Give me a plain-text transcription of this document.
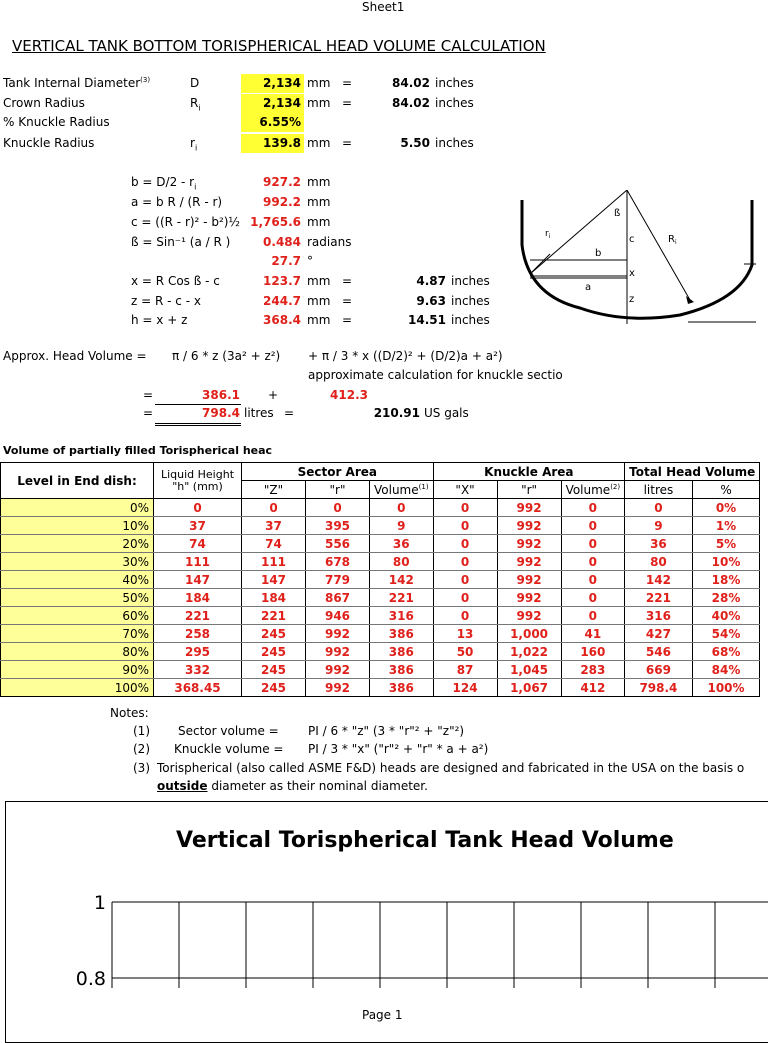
Sheet1
VERTICAL TANK BOTTOM TORISPHERICAL HEAD VOLUME CALCULATION
Tank Internal Diameter$^{(3)}$	D	2,134 mm =	84.02 inches
Crown Radius	$R_i$	2,134 mm =	84.02 inches
% Knuckle Radius	6.55%
Knuckle Radius	$r_i$	139.8 mm =	5.50 inches
$b = D/2 - r_i$	927.2 mm
a = b R / (R - r)	992.2 mm
c = ((R - r)² - b²)½ 1,765.6 mm
ß = Sin⁻¹ (a / R )	0.484 radians
27.7 °
x = R Cos ß - c	123.7 mm =	4.87 inches
z = R - c - x	244.7 mm =	9.63 inches
h = x + z	368.4 mm =	14.51 inches
$r_i$
ß
c	$R_i$
b
x
a
z
Approx. Head Volume = π / 6 * z (3a² + z²) + π / 3 * x ((D/2)² + (D/2)a + a²)
approximate calculation for knuckle sectio
=	386.1 +	412.3
=	798.4 litres =	210.91 US gals
Volume of partially filled Torispherical heac
Level in End dish:	Liquid Height "h" (mm)	Sector Area			Knuckle Area			Total Head Volume	
		"Z"	"r"	Volume$^{(1)}$	"X"	"r"	Volume$^{(2)}$	litres	%
0%	0	0	0	0	0	992	0	0	0%
10%	37	37	395	9	0	992	0	9	1%
20%	74	74	556	36	0	992	0	36	5%
30%	111	111	678	80	0	992	0	80	10%
40%	147	147	779	142	0	992	0	142	18%
50%	184	184	867	221	0	992	0	221	28%
60%	221	221	946	316	0	992	0	316	40%
70%	258	245	992	386	13	1,000	41	427	54%
80%	295	245	992	386	50	1,022	160	546	68%
90%	332	245	992	386	87	1,045	283	669	84%
100%	368.45	245	992	386	124	1,067	412	798.4	100%
Notes:
(1) Sector volume = PI / 6 * "z" (3 * "r"² + "z"²)
(2) Knuckle volume = PI / 3 * "x" ("r"² + "r" * a + a²)
(3) Torispherical (also called ASME F&D) heads are designed and fabricated in the USA on the basis o
outside diameter as their nominal diameter.
Vertical Torispherical Tank Head Volume
1
0.8
Page 1
